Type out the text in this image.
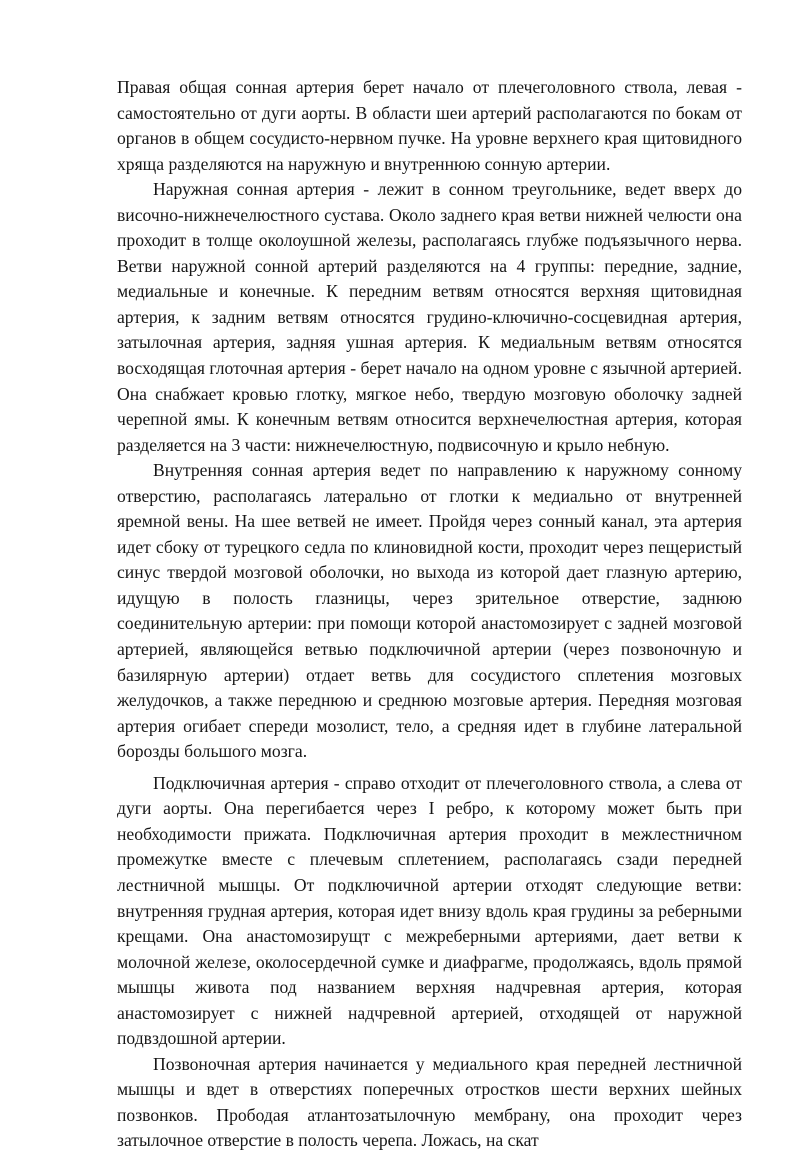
Правая общая сонная артерия берет начало от плечеголовного ствола, левая - самостоятельно от дуги аорты. В области шеи артерий располагаются по бокам от органов в общем сосудисто-нервном пучке. На уровне верхнего края щитовидного хряща разделяются на наружную и внутреннюю сонную артерии.

Наружная сонная артерия - лежит в сонном треугольнике, ведет вверх до височно-нижнечелюстного сустава. Около заднего края ветви нижней челюсти она проходит в толще околоушной железы, располагаясь глубже подъязычного нерва. Ветви наружной сонной артерий разделяются на 4 группы: передние, задние, медиальные и конечные. К передним ветвям относятся верхняя щитовидная артерия, к задним ветвям относятся грудино-ключично-сосцевидная артерия, затылочная артерия, задняя ушная артерия. К медиальным ветвям относятся восходящая глоточная артерия - берет начало на одном уровне с язычной артерией. Она снабжает кровью глотку, мягкое небо, твердую мозговую оболочку задней черепной ямы. К конечным ветвям относится верхнечелюстная артерия, которая разделяется на 3 части: нижнечелюстную, подвисочную и крыло небную.

Внутренняя сонная артерия ведет по направлению к наружному сонному отверстию, располагаясь латерально от глотки к медиально от внутренней яремной вены. На шее ветвей не имеет. Пройдя через сонный канал, эта артерия идет сбоку от турецкого седла по клиновидной кости, проходит через пещеристый синус твердой мозговой оболочки, но выхода из которой дает глазную артерию, идущую в полость глазницы, через зрительное отверстие, заднюю соединительную артерии: при помощи которой анастомозирует с задней мозговой артерией, являющейся ветвью подключичной артерии (через позвоночную и базилярную артерии) отдает ветвь для сосудистого сплетения мозговых желудочков, а также переднюю и среднюю мозговые артерия. Передняя мозговая артерия огибает спереди мозолист, тело, а средняя идет в глубине латеральной борозды большого мозга.

Подключичная артерия - справо отходит от плечеголовного ствола, а слева от дуги аорты. Она перегибается через I ребро, к которому может быть при необходимости прижата. Подключичная артерия проходит в межлестничном промежутке вместе с плечевым сплетением, располагаясь сзади передней лестничной мышцы. От подключичной артерии отходят следующие ветви: внутренняя грудная артерия, которая идет внизу вдоль края грудины за реберными крещами. Она анастомозирущт с межреберными артериями, дает ветви к молочной железе, околосердечной сумке и диафрагме, продолжаясь, вдоль прямой мышцы живота под названием верхняя надчревная артерия, которая анастомозирует с нижней надчревной артерией, отходящей от наружной подвздошной артерии.

Позвоночная артерия начинается у медиального края передней лестничной мышцы и вдет в отверстиях поперечных отростков шести верхних шейных позвонков. Прободая атлантозатылочную мембрану, она проходит через затылочное отверстие в полость черепа. Ложась, на скат
